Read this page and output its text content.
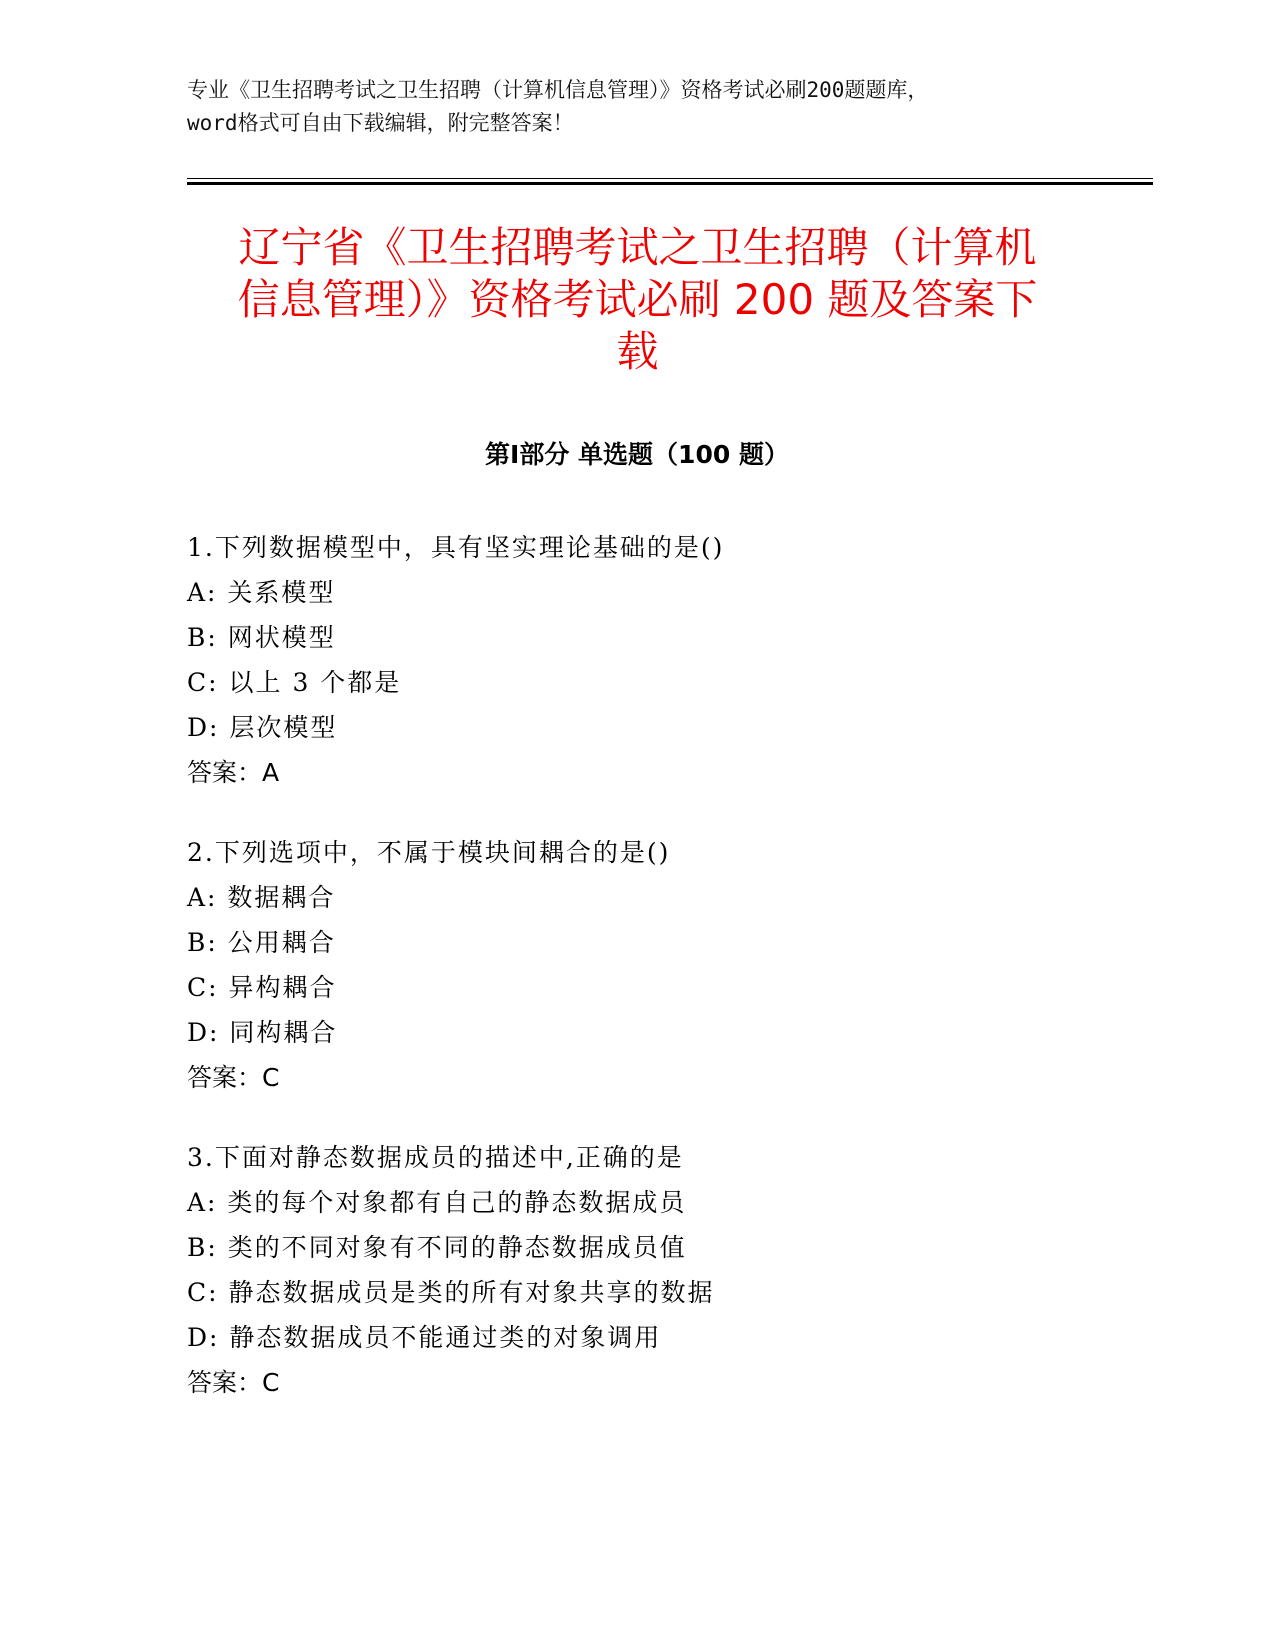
专业《卫生招聘考试之卫生招聘（计算机信息管理）》资格考试必刷200题题库，
word格式可自由下载编辑，附完整答案！
辽宁省《卫生招聘考试之卫生招聘（计算机
信息管理）》资格考试必刷 200 题及答案下
载
第Ⅰ部分 单选题（100 题）
1.下列数据模型中，具有坚实理论基础的是()
A: 关系模型
B: 网状模型
C: 以上 3 个都是
D: 层次模型
答案：A
2.下列选项中，不属于模块间耦合的是()
A: 数据耦合
B: 公用耦合
C: 异构耦合
D: 同构耦合
答案：C
3.下面对静态数据成员的描述中,正确的是
A: 类的每个对象都有自己的静态数据成员
B: 类的不同对象有不同的静态数据成员值
C: 静态数据成员是类的所有对象共享的数据
D: 静态数据成员不能通过类的对象调用
答案：C
